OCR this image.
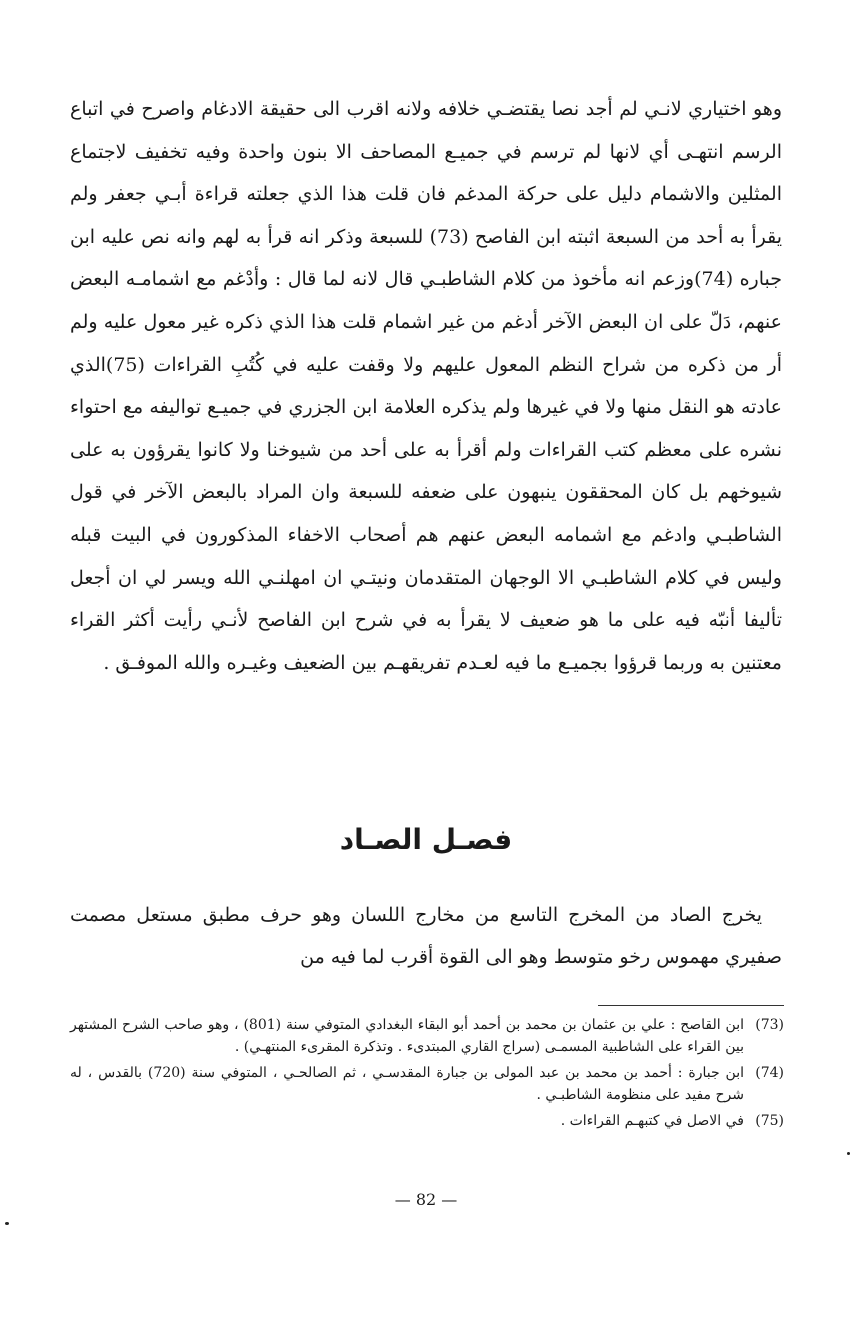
وهو اختياري لانـي لم أجد نصا يقتضـي خلافه ولانه اقرب الى حقيقة الادغام واصرح في اتباع الرسم انتهـى أي لانها لم ترسم في جميـع المصاحف الا بنون واحدة وفيه تخفيف لاجتماع المثلين والاشمام دليل على حركة المدغم فان قلت هذا الذي جعلته قراءة أبـي جعفر ولم يقرأ به أحد من السبعة اثبته ابن الفاصح (73) للسبعة وذكر انه قرأ به لهم وانه نص عليه ابن جباره (74)وزعم انه مأخوذ من كلام الشاطبـي قال لانه لما قال : وأدْغم مع اشمامـه البعض عنهم، دَلّ على ان البعض الآخر أدغم من غير اشمام قلت هذا الذي ذكره غير معول عليه ولم أر من ذكره من شراح النظم المعول عليهم ولا وقفت عليه في كُتُبِ القراءات (75)الذي عادته هو النقل منها ولا في غيرها ولم يذكره العلامة ابن الجزري في جميـع تواليفه مع احتواء نشره على معظم كتب القراءات ولم أقرأ به على أحد من شيوخنا ولا كانوا يقرؤون به على شيوخهم بل كان المحققون ينبهون على ضعفه للسبعة وان المراد بالبعض الآخر في قول الشاطبـي وادغم مع اشمامه البعض عنهم هم أصحاب الاخفاء المذكورون في البيت قبله وليس في كلام الشاطبـي الا الوجهان المتقدمان ونيتـي ان امهلنـي الله ويسر لي ان أجعل تأليفا أنبّه فيه على ما هو ضعيف لا يقرأ به في شرح ابن الفاصح لأنـي رأيت أكثر القراء معتنين به وربما قرؤوا بجميـع ما فيه لعـدم تفريقهـم بين الضعيف وغيـره والله الموفـق .

فصـل الصـاد

يخرج الصاد من المخرج التاسع من مخارج اللسان وهو حرف مطبق مستعل مصمت صفيري مهموس رخو متوسط وهو الى القوة أقرب لما فيه من

(73)
ابن القاصح : علي بن عثمان بن محمد بن أحمد أبو البقاء البغدادي المتوفي سنة (801) ، وهو صاحب الشرح المشتهر بين القراء على الشاطبية المسمـى (سراج القاري المبتدىء . وتذكرة المقرىء المنتهـي) .
(74)
ابن جبارة : أحمد بن محمد بن عبد المولى بن جبارة المقدسـي ، ثم الصالحـي ، المتوفي سنة (720) بالقدس ، له شرح مفيد على منظومة الشاطبـي .
(75)
في الاصل في كتبهـم القراءات .
— 82 —
